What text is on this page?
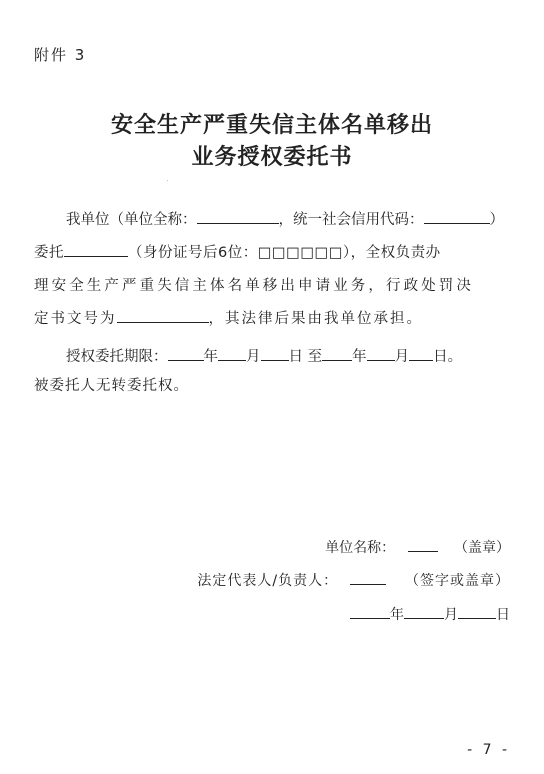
附件 3
安全生产严重失信主体名单移出
业务授权委托书
我单位（单位全称：	，统一社会信用代码：	）
委托	（身份证号后6位：□□□□□□），全权负责办
理安全生产严重失信主体名单移出申请业务，行政处罚决
定书文号为	，其法律后果由我单位承担。
授权委托期限： 年 月 日 至 年 月 日。
被委托人无转委托权。
单位名称：	（盖章）
法定代表人/负责人：	（签字或盖章）
年	月	日
- 7 -
